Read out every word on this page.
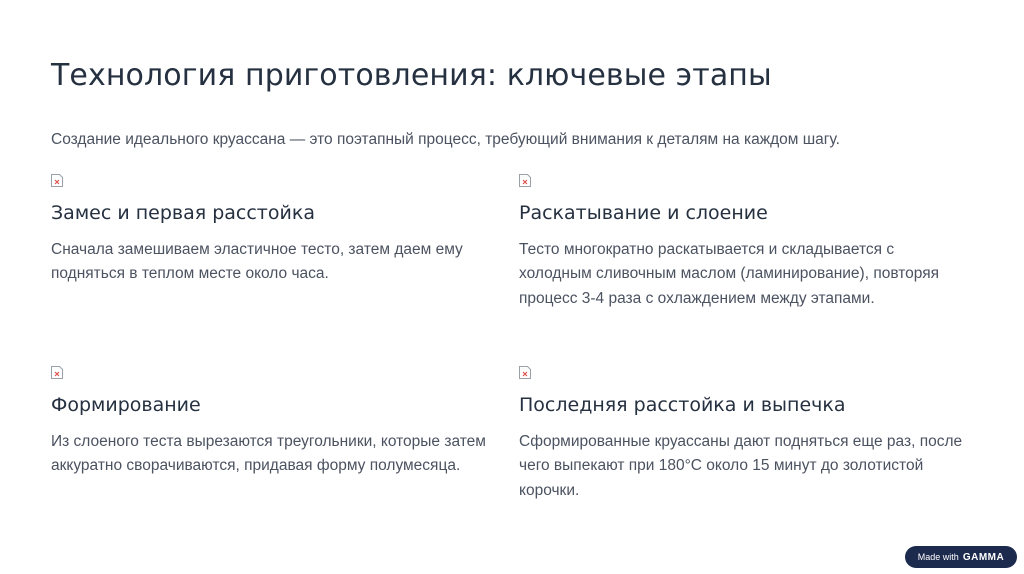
Технология приготовления: ключевые этапы

Создание идеального круассана — это поэтапный процесс, требующий внимания к деталям на каждом шагу.

Замес и первая расстойка

Сначала замешиваем эластичное тесто, затем даем ему подняться в теплом месте около часа.

Раскатывание и слоение

Тесто многократно раскатывается и складывается с холодным сливочным маслом (ламинирование), повторяя процесс 3-4 раза с охлаждением между этапами.

Формирование

Из слоеного теста вырезаются треугольники, которые затем аккуратно сворачиваются, придавая форму полумесяца.

Последняя расстойка и выпечка

Сформированные круассаны дают подняться еще раз, после чего выпекают при 180°C около 15 минут до золотистой корочки.

Made with GAMMA
